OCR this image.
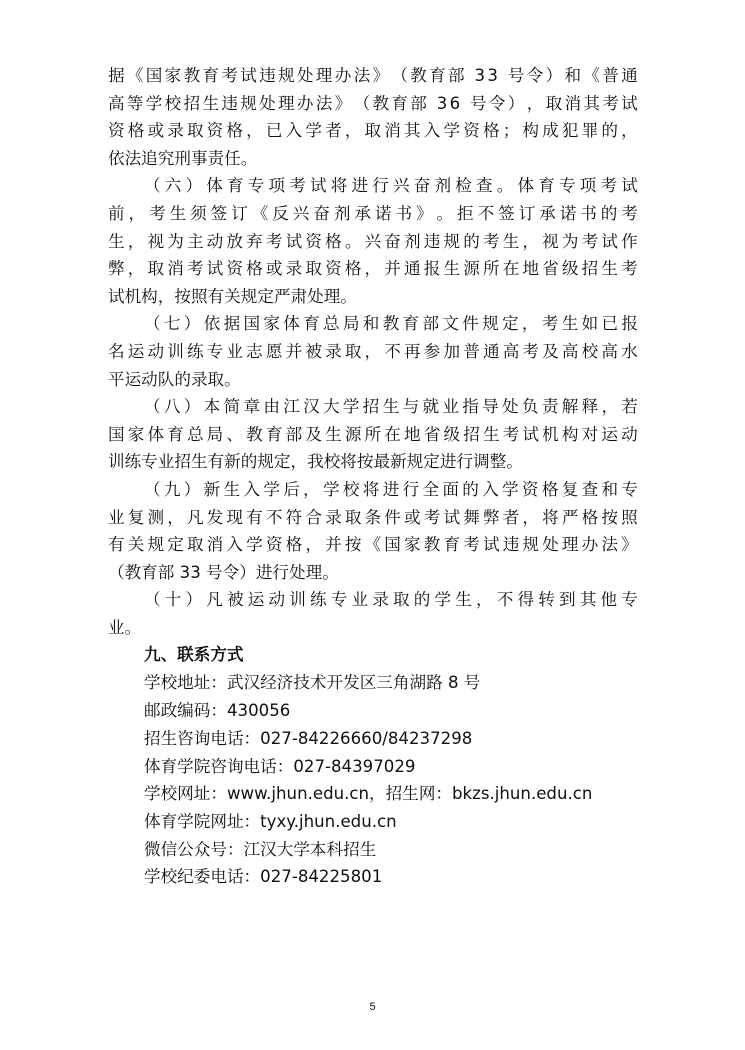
据 《 国 家 教 育 考 试 违 规 处 理 办 法 》 （ 教 育 部
3 3
号 令 ） 和 《 普 通
高 等 学 校 招 生 违 规 处 理 办 法 》 （ 教 育 部
3 6
号 令 ） ， 取 消 其 考 试
资 格 或 录 取 资 格 ， 已 入 学 者 ， 取 消 其 入 学 资 格 ； 构 成 犯 罪 的 ，
依法追究刑事责任。
（ 六 ） 体 育 专 项 考 试 将 进 行 兴 奋 剂 检 查 。 体 育 专 项 考 试
前 ， 考 生 须 签 订 《 反 兴 奋 剂 承 诺 书 》 。 拒 不 签 订 承 诺 书 的 考
生 ， 视 为 主 动 放 弃 考 试 资 格 。 兴 奋 剂 违 规 的 考 生 ， 视 为 考 试 作
弊 ， 取 消 考 试 资 格 或 录 取 资 格 ， 并 通 报 生 源 所 在 地 省 级 招 生 考
试机构，按照有关规定严肃处理。
（ 七 ） 依 据 国 家 体 育 总 局 和 教 育 部 文 件 规 定 ， 考 生 如 已 报
名 运 动 训 练 专 业 志 愿 并 被 录 取 ， 不 再 参 加 普 通 高 考 及 高 校 高 水
平运动队的录取。
（ 八 ） 本 简 章 由 江 汉 大 学 招 生 与 就 业 指 导 处 负 责 解 释 ， 若
国 家 体 育 总 局 、 教 育 部 及 生 源 所 在 地 省 级 招 生 考 试 机 构 对 运 动
训练专业招生有新的规定，我校将按最新规定进行调整。
（ 九 ） 新 生 入 学 后 ， 学 校 将 进 行 全 面 的 入 学 资 格 复 查 和 专
业 复 测 ， 凡 发 现 有 不 符 合 录 取 条 件 或 考 试 舞 弊 者 ， 将 严 格 按 照
有 关 规 定 取 消 入 学 资 格 ， 并 按 《 国 家 教 育 考 试 违 规 处 理 办 法 》
（教育部 33 号令）进行处理。
（ 十 ） 凡 被 运 动 训 练 专 业 录 取 的 学 生 ， 不 得 转 到 其 他 专
业。
九、联系方式
学校地址：武汉经济技术开发区三角湖路 8 号
邮政编码：430056
招生咨询电话：027-84226660/84237298
体育学院咨询电话：027-84397029
学校网址：www.jhun.edu.cn，招生网：bkzs.jhun.edu.cn
体育学院网址：tyxy.jhun.edu.cn
微信公众号：江汉大学本科招生
学校纪委电话：027-84225801
5
